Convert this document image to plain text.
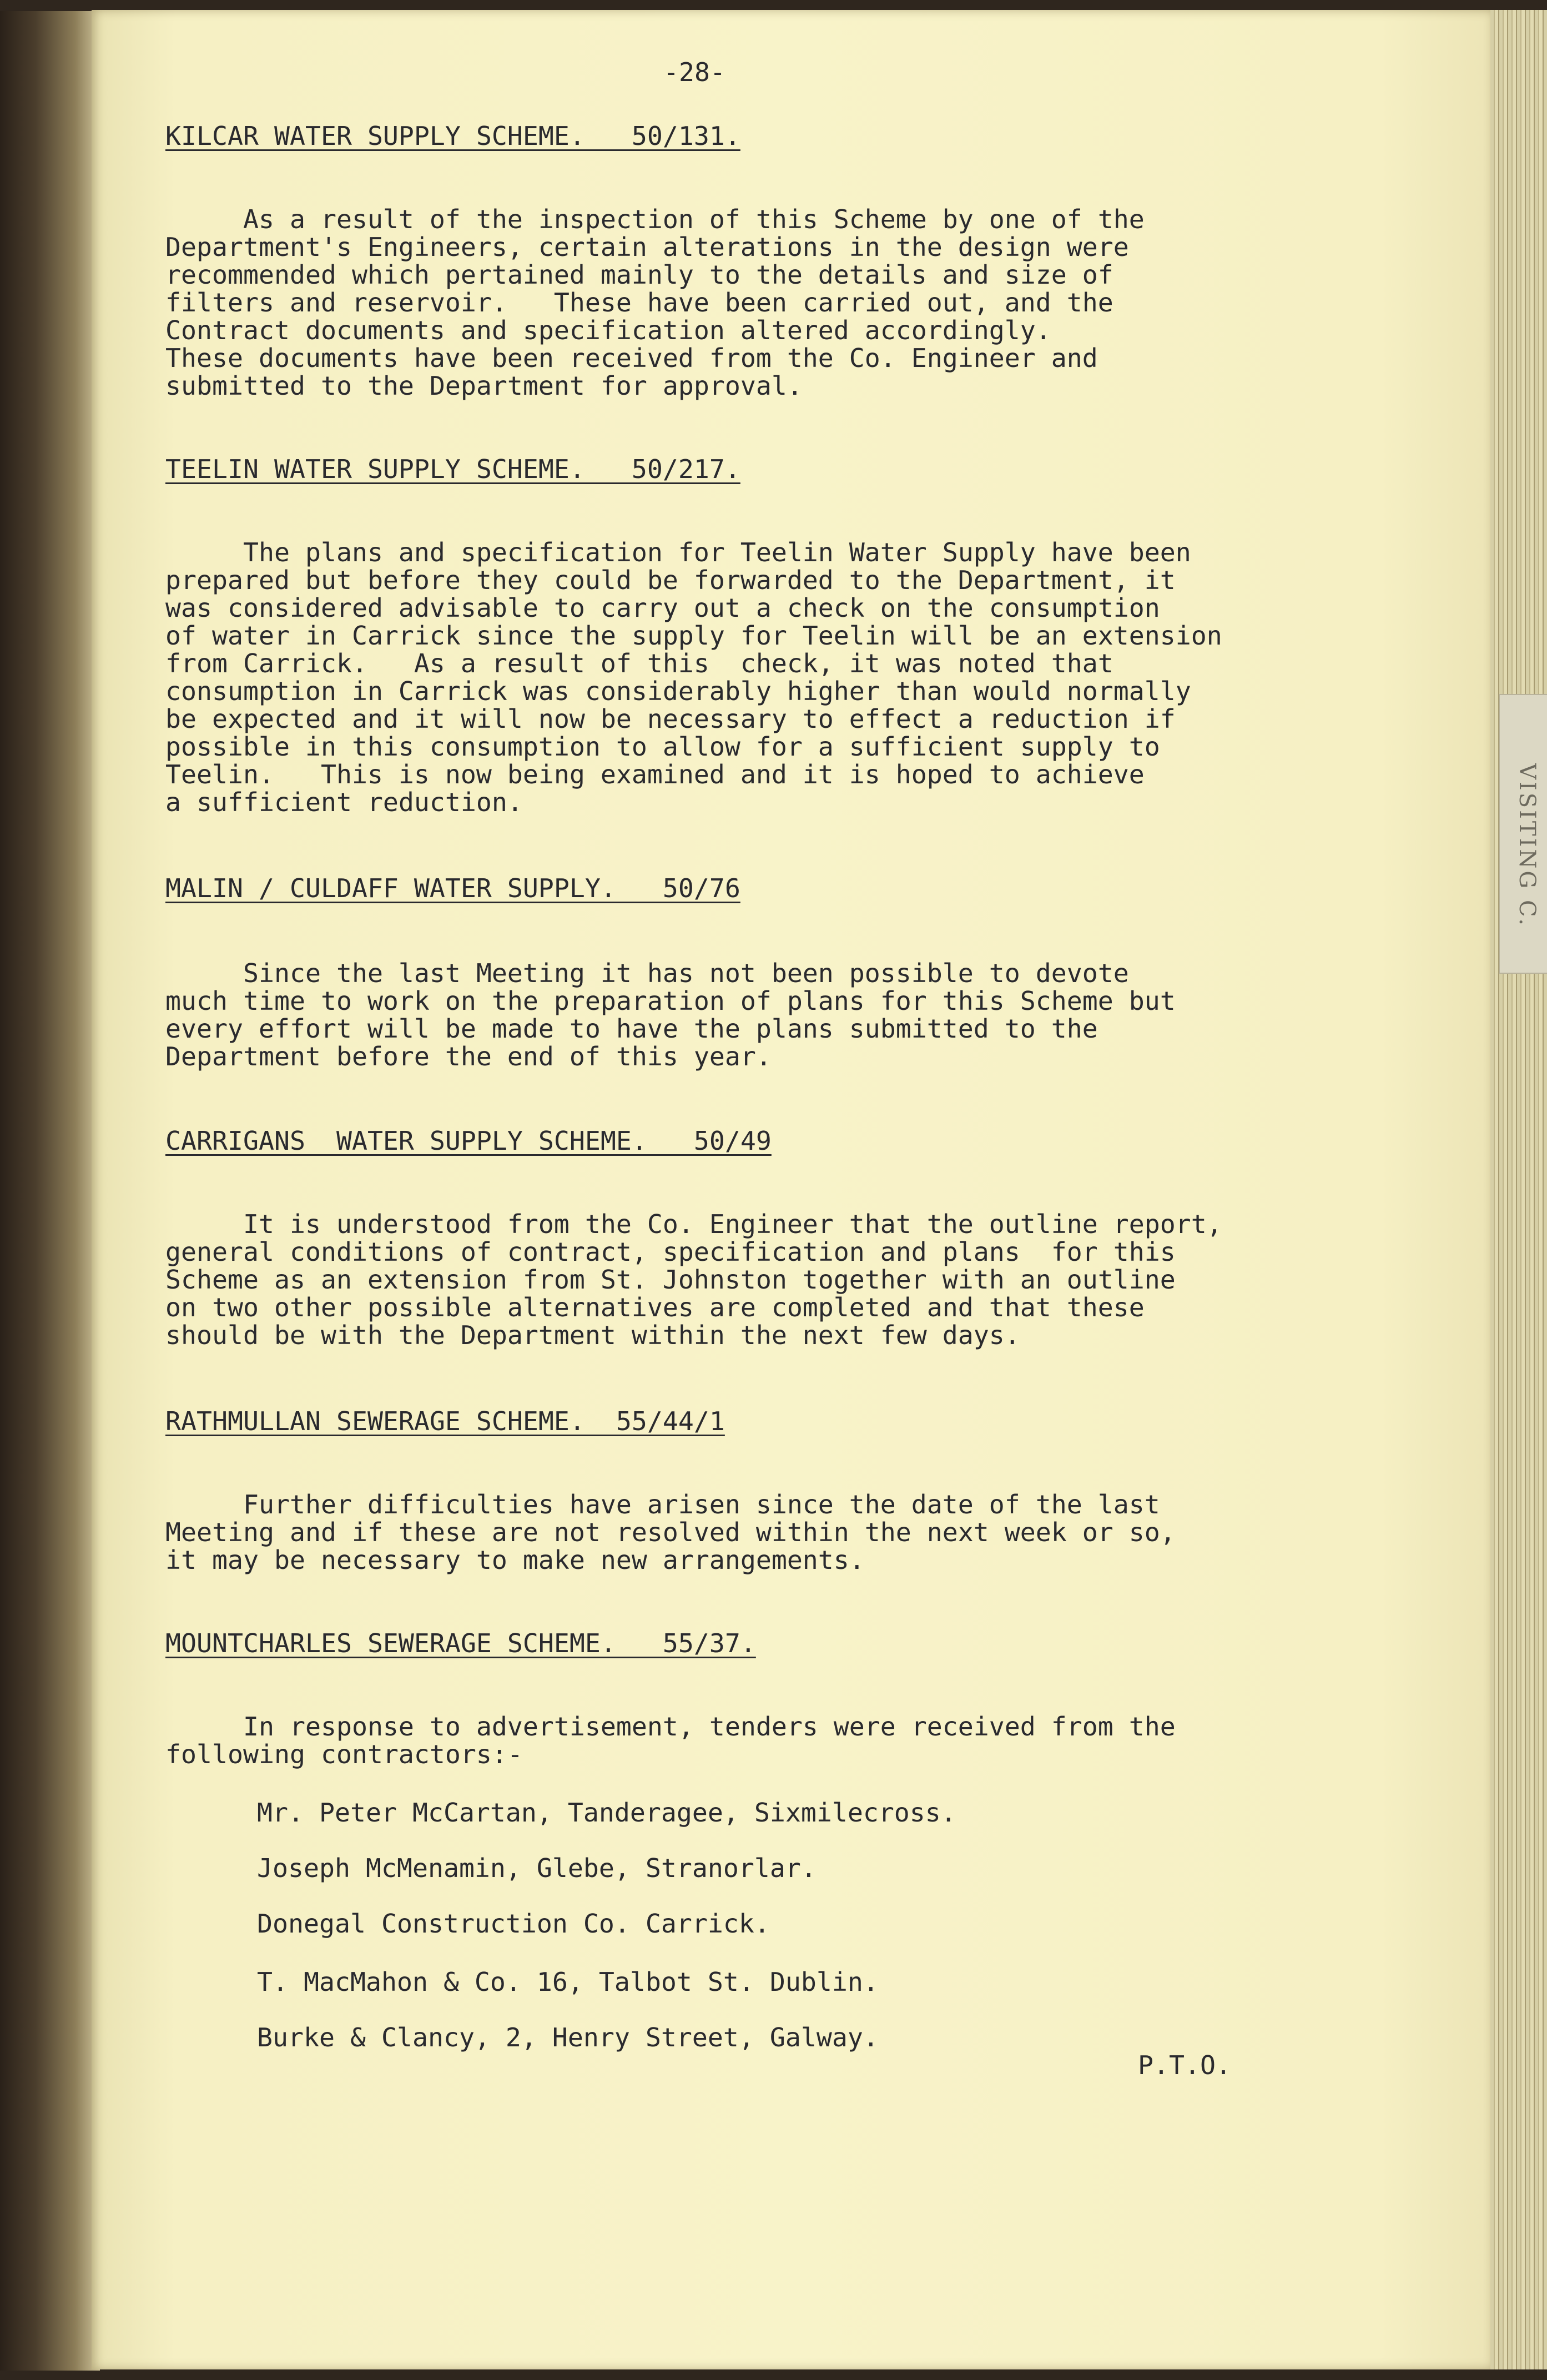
VISITING C.
-28-
KILCAR WATER SUPPLY SCHEME.   50/131.
As a result of the inspection of this Scheme by one of the
Department's Engineers, certain alterations in the design were
recommended which pertained mainly to the details and size of
filters and reservoir.   These have been carried out, and the
Contract documents and specification altered accordingly.
These documents have been received from the Co. Engineer and
submitted to the Department for approval.
TEELIN WATER SUPPLY SCHEME.   50/217.
The plans and specification for Teelin Water Supply have been
prepared but before they could be forwarded to the Department, it
was considered advisable to carry out a check on the consumption
of water in Carrick since the supply for Teelin will be an extension
from Carrick.   As a result of this  check, it was noted that
consumption in Carrick was considerably higher than would normally
be expected and it will now be necessary to effect a reduction if
possible in this consumption to allow for a sufficient supply to
Teelin.   This is now being examined and it is hoped to achieve
a sufficient reduction.
MALIN / CULDAFF WATER SUPPLY.   50/76
Since the last Meeting it has not been possible to devote
much time to work on the preparation of plans for this Scheme but
every effort will be made to have the plans submitted to the
Department before the end of this year.
CARRIGANS  WATER SUPPLY SCHEME.   50/49
It is understood from the Co. Engineer that the outline report,
general conditions of contract, specification and plans  for this
Scheme as an extension from St. Johnston together with an outline
on two other possible alternatives are completed and that these
should be with the Department within the next few days.
RATHMULLAN SEWERAGE SCHEME.  55/44/1
Further difficulties have arisen since the date of the last
Meeting and if these are not resolved within the next week or so,
it may be necessary to make new arrangements.
MOUNTCHARLES SEWERAGE SCHEME.   55/37.
In response to advertisement, tenders were received from the
following contractors:-
Mr. Peter McCartan, Tanderagee, Sixmilecross.
Joseph McMenamin, Glebe, Stranorlar.
Donegal Construction Co. Carrick.
T. MacMahon & Co. 16, Talbot St. Dublin.
Burke & Clancy, 2, Henry Street, Galway.
P.T.O.
